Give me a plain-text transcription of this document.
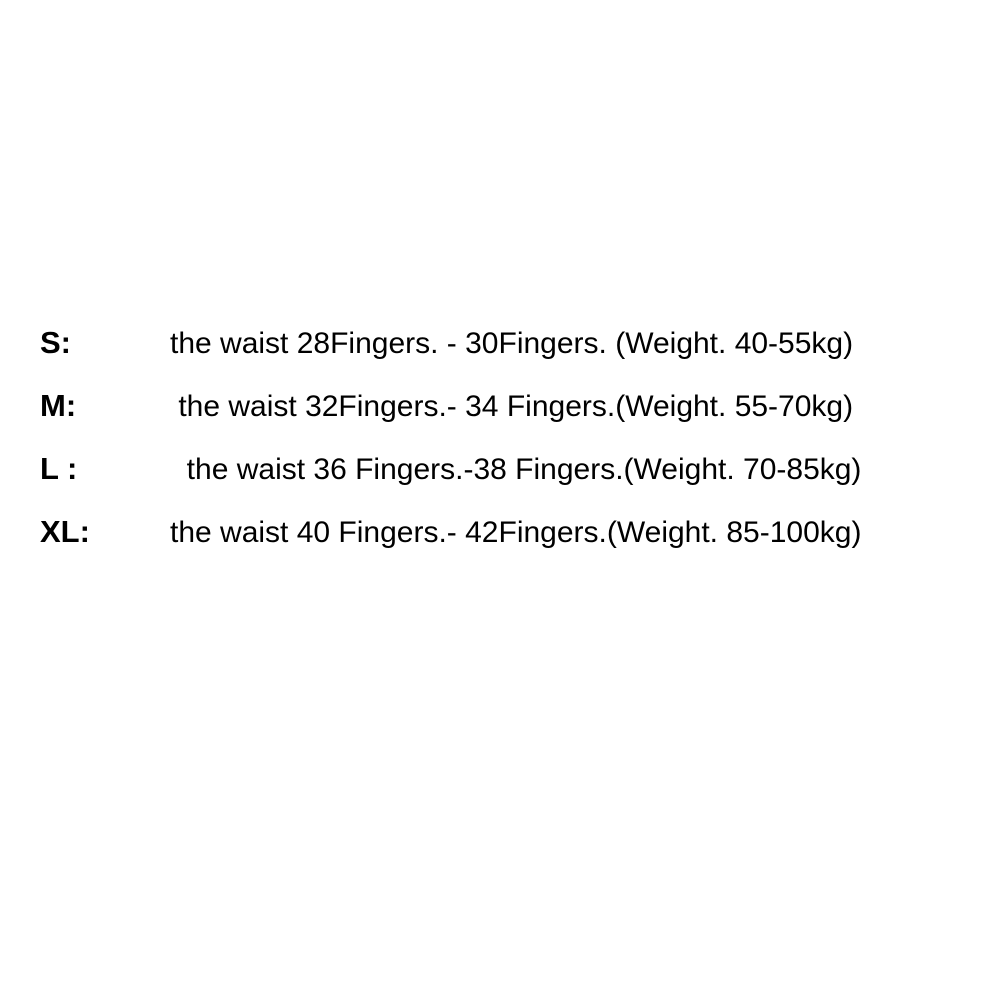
S:	the waist 28Fingers. - 30Fingers. (Weight. 40-55kg)
M:	the waist 32Fingers.- 34 Fingers.(Weight. 55-70kg)
L :	the waist 36 Fingers.-38 Fingers.(Weight. 70-85kg)
XL:	the waist 40 Fingers.- 42Fingers.(Weight. 85-100kg)
